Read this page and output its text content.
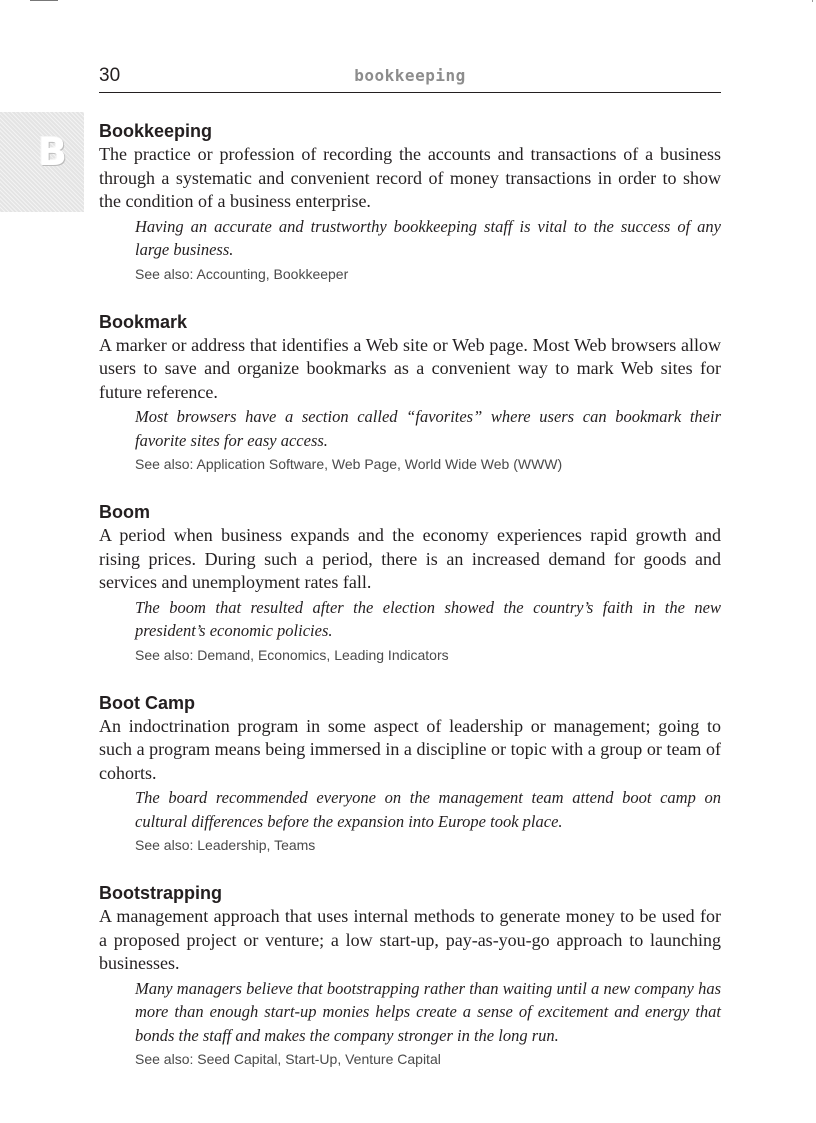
30	bookkeeping
B Bookkeeping

The practice or profession of recording the accounts and transactions of a business through a systematic and convenient record of money transactions in order to show the condition of a business enterprise.

Having an accurate and trustworthy bookkeeping staff is vital to the success of any large business.
See also: Accounting, Bookkeeper
Bookmark

A marker or address that identifies a Web site or Web page. Most Web browsers allow users to save and organize bookmarks as a convenient way to mark Web sites for future reference.

Most browsers have a section called “favorites” where users can bookmark their favorite sites for easy access.
See also: Application Software, Web Page, World Wide Web (WWW)
Boom

A period when business expands and the economy experiences rapid growth and rising prices. During such a period, there is an increased demand for goods and services and unemployment rates fall.

The boom that resulted after the election showed the country’s faith in the new president’s economic policies.
See also: Demand, Economics, Leading Indicators
Boot Camp

An indoctrination program in some aspect of leadership or management; going to such a program means being immersed in a discipline or topic with a group or team of cohorts.

The board recommended everyone on the management team attend boot camp on cultural differences before the expansion into Europe took place.
See also: Leadership, Teams
Bootstrapping

A management approach that uses internal methods to generate money to be used for a proposed project or venture; a low start-up, pay-as-you-go approach to launching businesses.

Many managers believe that bootstrapping rather than waiting until a new company has more than enough start-up monies helps create a sense of excitement and energy that bonds the staff and makes the company stronger in the long run.
See also: Seed Capital, Start-Up, Venture Capital
